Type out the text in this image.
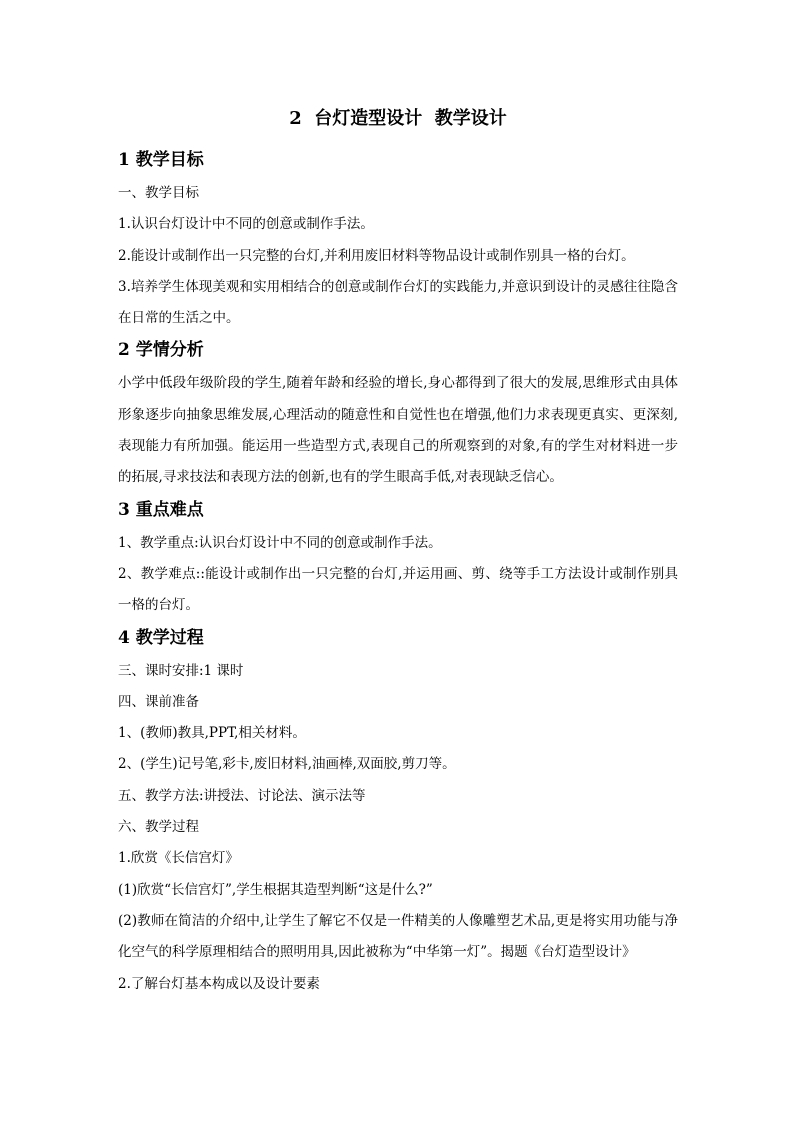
2  台灯造型设计  教学设计
1 教学目标

一、教学目标

1.认识台灯设计中不同的创意或制作手法。

2.能设计或制作出一只完整的台灯,并利用废旧材料等物品设计或制作别具一格的台灯。

3.培养学生体现美观和实用相结合的创意或制作台灯的实践能力,并意识到设计的灵感往往隐含在日常的生活之中。

2 学情分析

小学中低段年级阶段的学生,随着年龄和经验的增长,身心都得到了很大的发展,思维形式由具体形象逐步向抽象思维发展,心理活动的随意性和自觉性也在增强,他们力求表现更真实、更深刻,表现能力有所加强。能运用一些造型方式,表现自己的所观察到的对象,有的学生对材料进一步的拓展,寻求技法和表现方法的创新,也有的学生眼高手低,对表现缺乏信心。

3 重点难点

1、教学重点:认识台灯设计中不同的创意或制作手法。

2、教学难点::能设计或制作出一只完整的台灯,并运用画、剪、绕等手工方法设计或制作别具一格的台灯。

4 教学过程

三、课时安排:1 课时

四、课前准备

1、(教师)教具,PPT,相关材料。

2、(学生)记号笔,彩卡,废旧材料,油画棒,双面胶,剪刀等。

五、教学方法:讲授法、讨论法、演示法等

六、教学过程

1.欣赏《长信宫灯》

(1)欣赏“长信宫灯”,学生根据其造型判断“这是什么?”

(2)教师在简洁的介绍中,让学生了解它不仅是一件精美的人像雕塑艺术品,更是将实用功能与净化空气的科学原理相结合的照明用具,因此被称为“中华第一灯”。揭题《台灯造型设计》

2.了解台灯基本构成以及设计要素
